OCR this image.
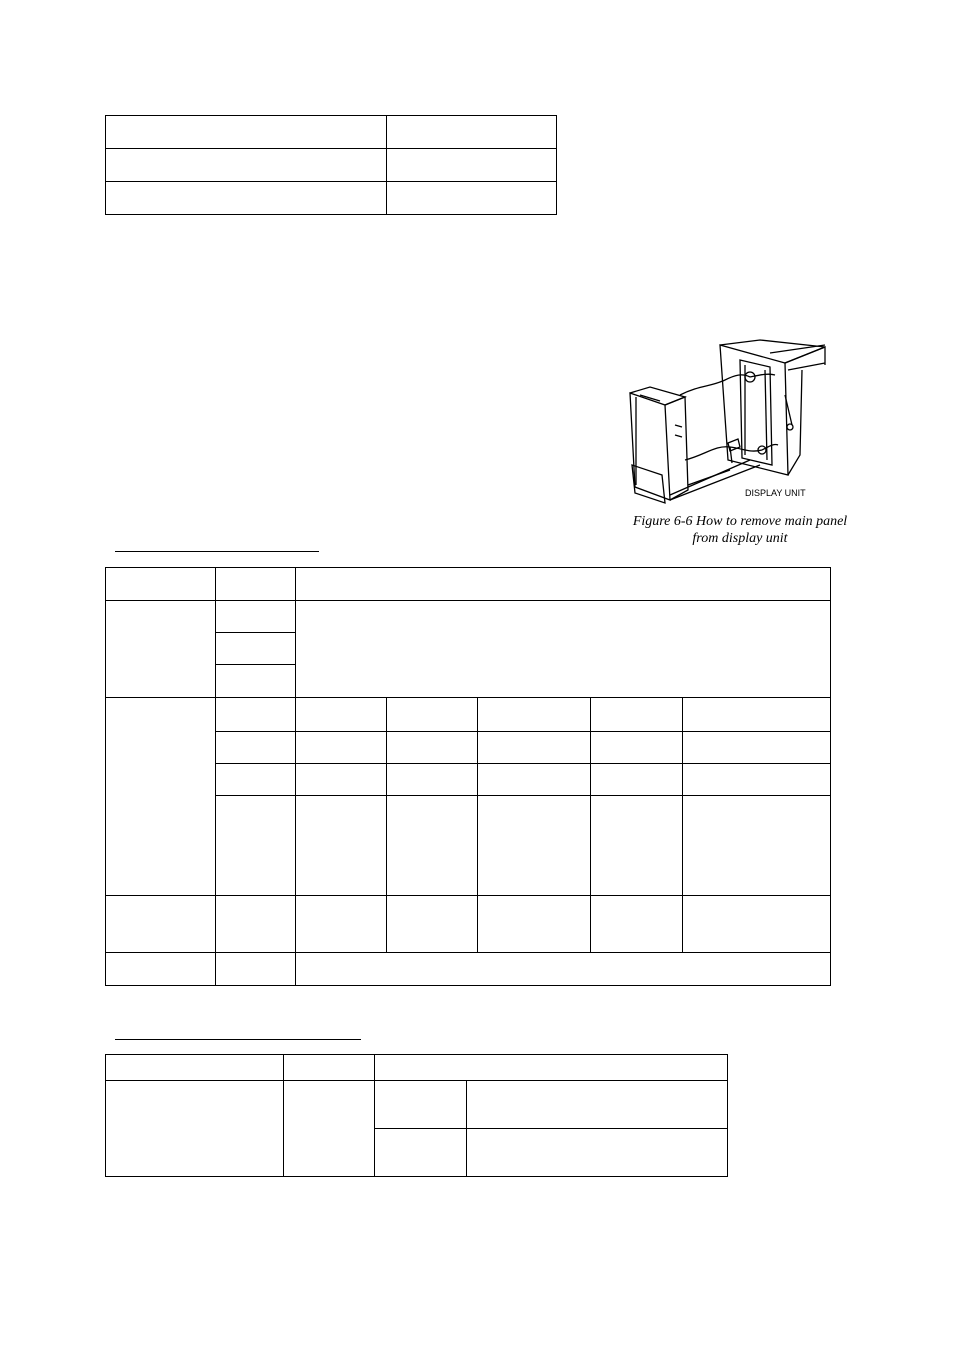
DISPLAY UNIT
Figure 6-6 How to remove main panel
from display unit
